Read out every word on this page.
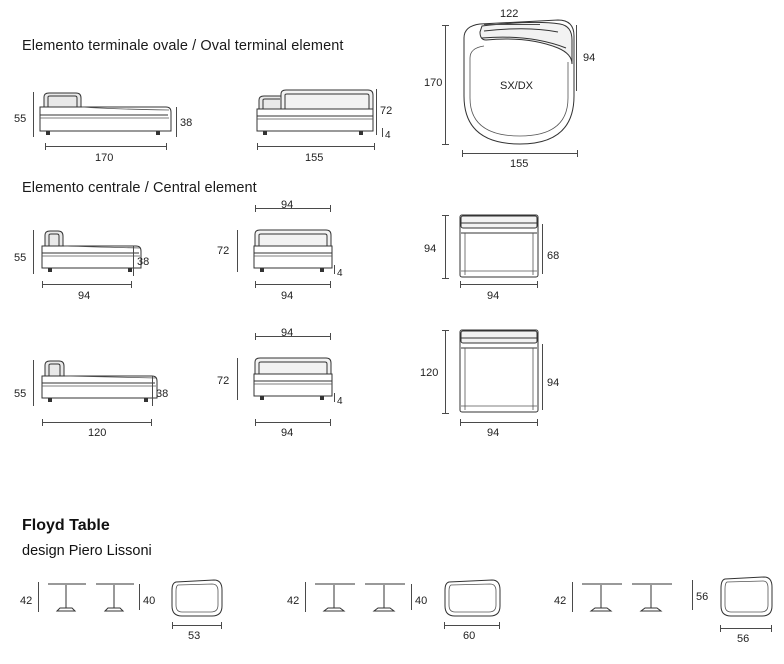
Elemento terminale ovale / Oval terminal element
55	38
170
72
4
155
122
170
94
155
SX/DX
Elemento centrale / Central element
55	38
94
94
72
4
94
94
68
94
55	38
120
94
72
4
94
120
94
94
Floyd Table
design Piero Lissoni
42	40
53
42	40
60
42	56
56
